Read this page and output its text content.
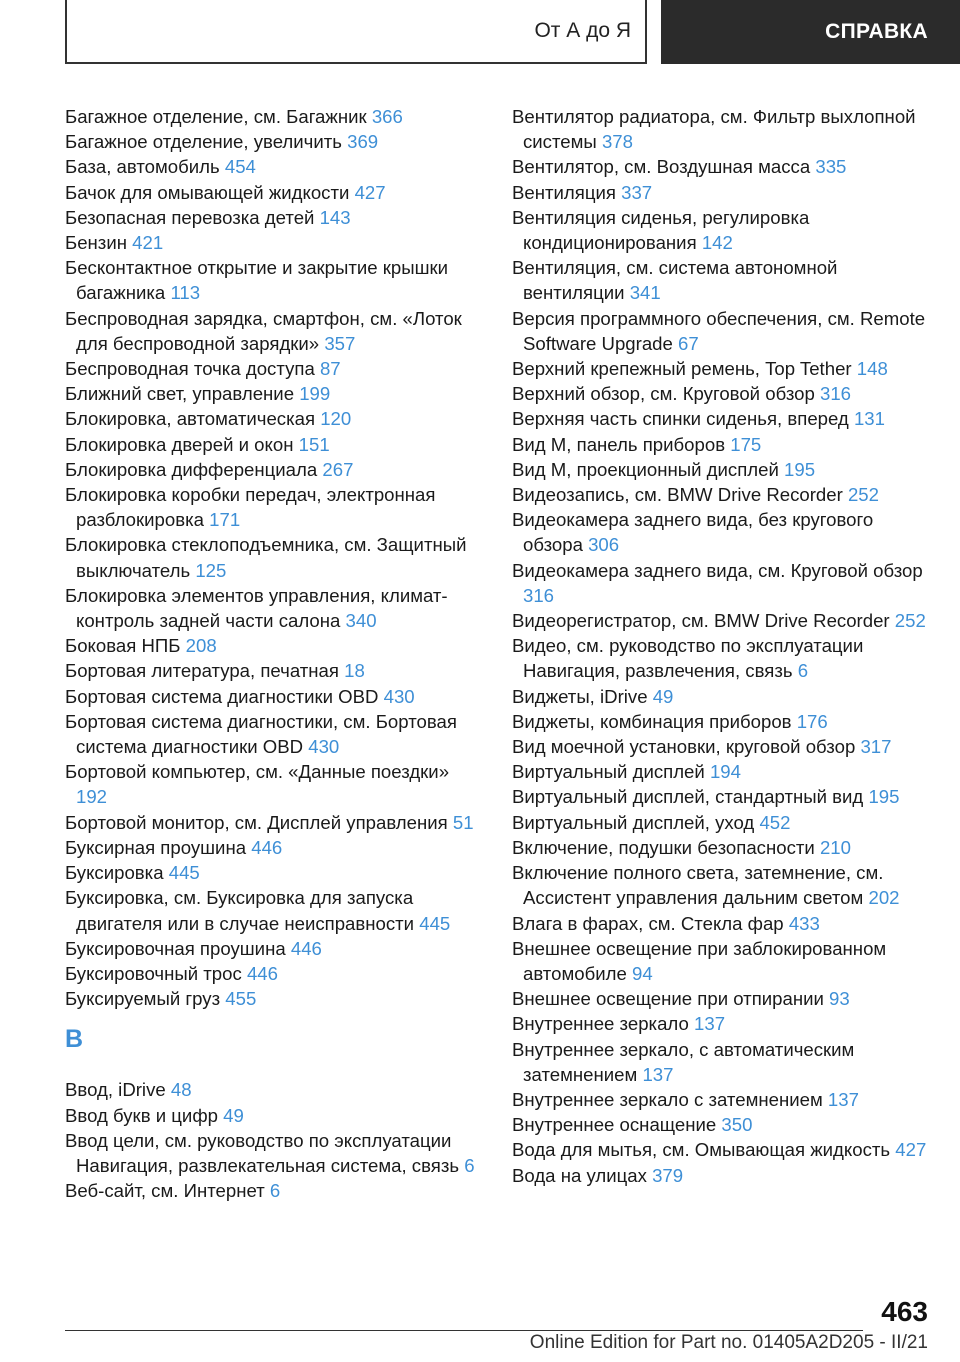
От А до Я	СПРАВКА
Багажное отделение, см. Багажник 366
Багажное отделение, увеличить 369
База, автомобиль 454
Бачок для омывающей жидкости 427
Безопасная перевозка детей 143
Бензин 421
Бесконтактное открытие и закрытие крышки багажника 113
Беспроводная зарядка, смартфон, см. «Лоток для беспроводной зарядки» 357
Беспроводная точка доступа 87
Ближний свет, управление 199
Блокировка, автоматическая 120
Блокировка дверей и окон 151
Блокировка дифференциала 267
Блокировка коробки передач, электронная разблокировка 171
Блокировка стеклоподъемника, см. Защитный выключатель 125
Блокировка элементов управления, климат-контроль задней части салона 340
Боковая НПБ 208
Бортовая литература, печатная 18
Бортовая система диагностики OBD 430
Бортовая система диагностики, см. Бортовая система диагностики OBD 430
Бортовой компьютер, см. «Данные поездки» 192
Бортовой монитор, см. Дисплей управления 51
Буксирная проушина 446
Буксировка 445
Буксировка, см. Буксировка для запуска двигателя или в случае неисправности 445
Буксировочная проушина 446
Буксировочный трос 446
Буксируемый груз 455
В
Ввод, iDrive 48
Ввод букв и цифр 49
Ввод цели, см. руководство по эксплуатации Навигация, развлекательная система, связь 6
Веб-сайт, см. Интернет 6
Вентилятор радиатора, см. Фильтр выхлопной системы 378
Вентилятор, см. Воздушная масса 335
Вентиляция 337
Вентиляция сиденья, регулировка кондиционирования 142
Вентиляция, см. система автономной вентиляции 341
Версия программного обеспечения, см. Remote Software Upgrade 67
Верхний крепежный ремень, Top Tether 148
Верхний обзор, см. Круговой обзор 316
Верхняя часть спинки сиденья, вперед 131
Вид M, панель приборов 175
Вид M, проекционный дисплей 195
Видеозапись, см. BMW Drive Recorder 252
Видеокамера заднего вида, без кругового обзора 306
Видеокамера заднего вида, см. Круговой обзор 316
Видеорегистратор, см. BMW Drive Recorder 252
Видео, см. руководство по эксплуатации Навигация, развлечения, связь 6
Виджеты, iDrive 49
Виджеты, комбинация приборов 176
Вид моечной установки, круговой обзор 317
Виртуальный дисплей 194
Виртуальный дисплей, стандартный вид 195
Виртуальный дисплей, уход 452
Включение, подушки безопасности 210
Включение полного света, затемнение, см. Ассистент управления дальним светом 202
Влага в фарах, см. Стекла фар 433
Внешнее освещение при заблокированном автомобиле 94
Внешнее освещение при отпирании 93
Внутреннее зеркало 137
Внутреннее зеркало, с автоматическим затемнением 137
Внутреннее зеркало с затемнением 137
Внутреннее оснащение 350
Вода для мытья, см. Омывающая жидкость 427
Вода на улицах 379
463
Online Edition for Part no. 01405A2D205 - II/21
